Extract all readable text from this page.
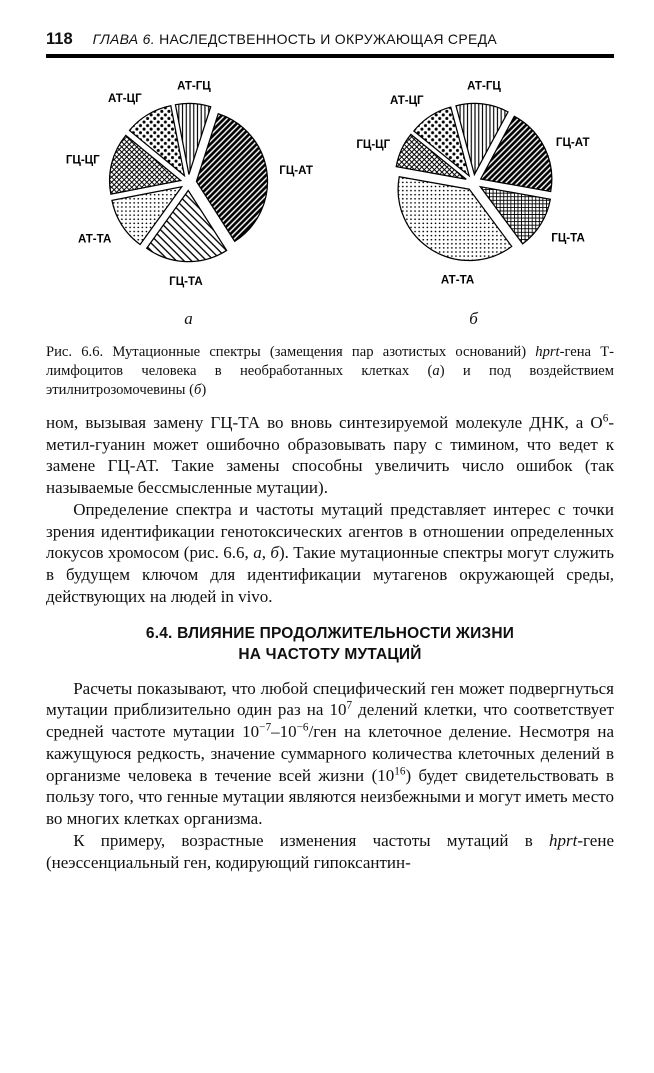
118 ГЛАВА 6. НАСЛЕДСТВЕННОСТЬ И ОКРУЖАЮЩАЯ СРЕДА
АТ-ГЦ
ГЦ-АТ
ГЦ-ТА
АТ-ТА
ГЦ-ЦГ
АТ-ЦГ
а
АТ-ГЦ
ГЦ-АТ
ГЦ-ТА
АТ-ТА
ГЦ-ЦГ
АТ-ЦГ
б

Рис. 6.6. Мутационные спектры (замещения пар азотистых оснований) hprt-гена Т-лимфоцитов человека в необработанных клетках (а) и под воздействием этилнитрозомочевины (б)

ном, вызывая замену ГЦ-ТА во вновь синтезируемой молекуле ДНК, а $О^6-метил$-гуанин может ошибочно образовывать пару с тимином, что ведет к замене ГЦ-АТ. Такие замены способны увеличить число ошибок (так называемые бессмысленные мутации).

Определение спектра и частоты мутаций представляет интерес с точки зрения идентификации генотоксических агентов в отношении определенных локусов хромосом (рис. 6.6, а, б). Такие мутационные спектры могут служить в будущем ключом для идентификации мутагенов окружающей среды, действующих на людей in vivo.

6.4. ВЛИЯНИЕ ПРОДОЛЖИТЕЛЬНОСТИ ЖИЗНИ
НА ЧАСТОТУ МУТАЦИЙ

Расчеты показывают, что любой специфический ген может подвергнуться мутации приблизительно один раз на $10^7$ делений клетки, что соответствует средней частоте мутации $10^{-7}-10^{-6}$/ген на клеточное деление. Несмотря на кажущуюся редкость, значение суммарного количества клеточных делений в организме человека в течение всей жизни $(10^{16})$ будет свидетельствовать в пользу того, что генные мутации являются неизбежными и могут иметь место во многих клетках организма.

К примеру, возрастные изменения частоты мутаций в hprt-гене (неэссенциальный ген, кодирующий гипоксантин-
